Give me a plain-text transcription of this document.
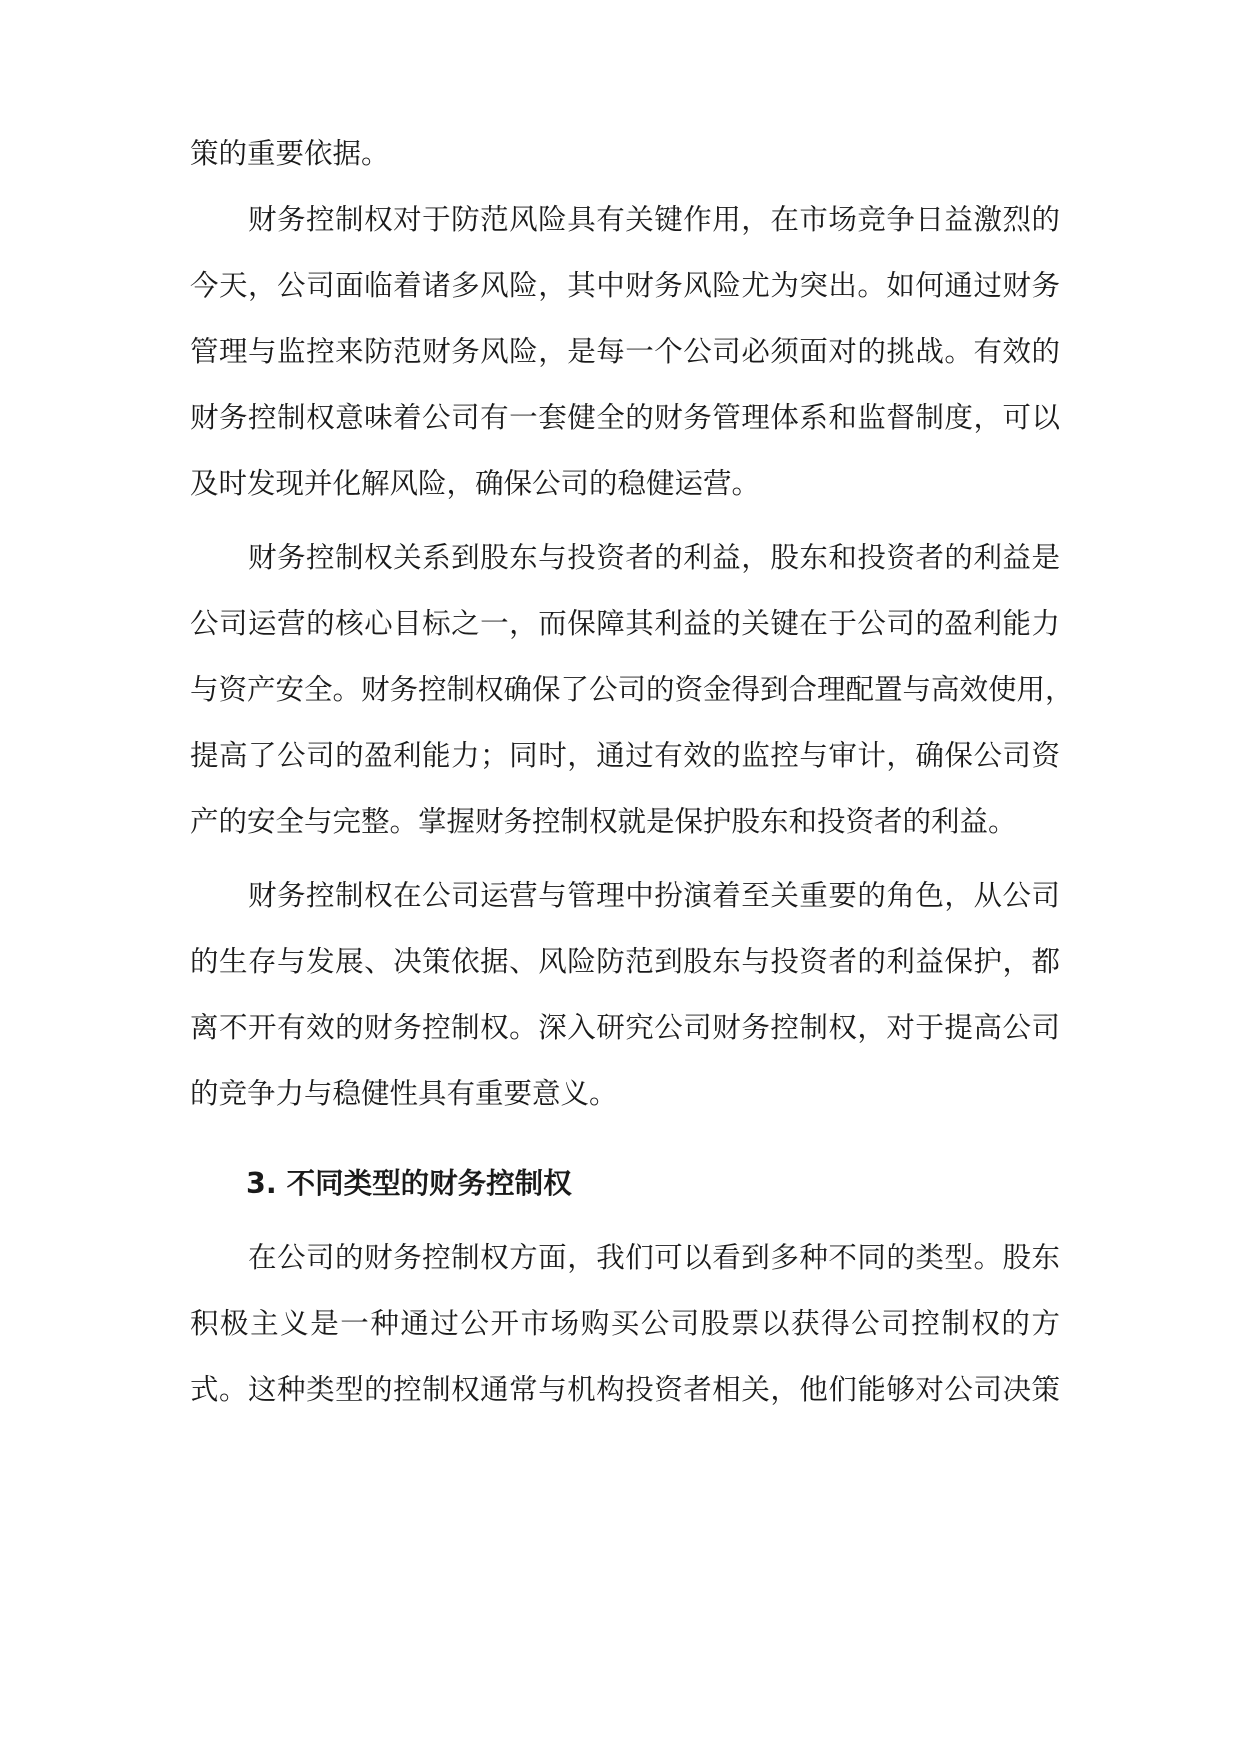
策的重要依据。
财务控制权对于防范风险具有关键作用，在市场竞争日益激烈的
今天，公司面临着诸多风险，其中财务风险尤为突出。如何通过财务
管理与监控来防范财务风险，是每一个公司必须面对的挑战。有效的
财务控制权意味着公司有一套健全的财务管理体系和监督制度，可以
及时发现并化解风险，确保公司的稳健运营。
财务控制权关系到股东与投资者的利益，股东和投资者的利益是
公司运营的核心目标之一，而保障其利益的关键在于公司的盈利能力
与资产安全。财务控制权确保了公司的资金得到合理配置与高效使用，
提高了公司的盈利能力；同时，通过有效的监控与审计，确保公司资
产的安全与完整。掌握财务控制权就是保护股东和投资者的利益。
财务控制权在公司运营与管理中扮演着至关重要的角色，从公司
的生存与发展、决策依据、风险防范到股东与投资者的利益保护，都
离不开有效的财务控制权。深入研究公司财务控制权，对于提高公司
的竞争力与稳健性具有重要意义。
3. 不同类型的财务控制权
在公司的财务控制权方面，我们可以看到多种不同的类型。股东
积极主义是一种通过公开市场购买公司股票以获得公司控制权的方
式。这种类型的控制权通常与机构投资者相关，他们能够对公司决策
